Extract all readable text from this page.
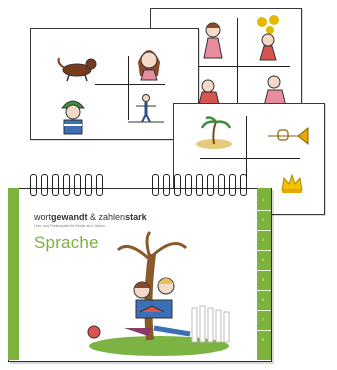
1
2
3
4
5
6
7
8
wortgewandt & zahlenstark
Lern- und Förderspiele für Kinder ab 4 Jahren
Sprache
